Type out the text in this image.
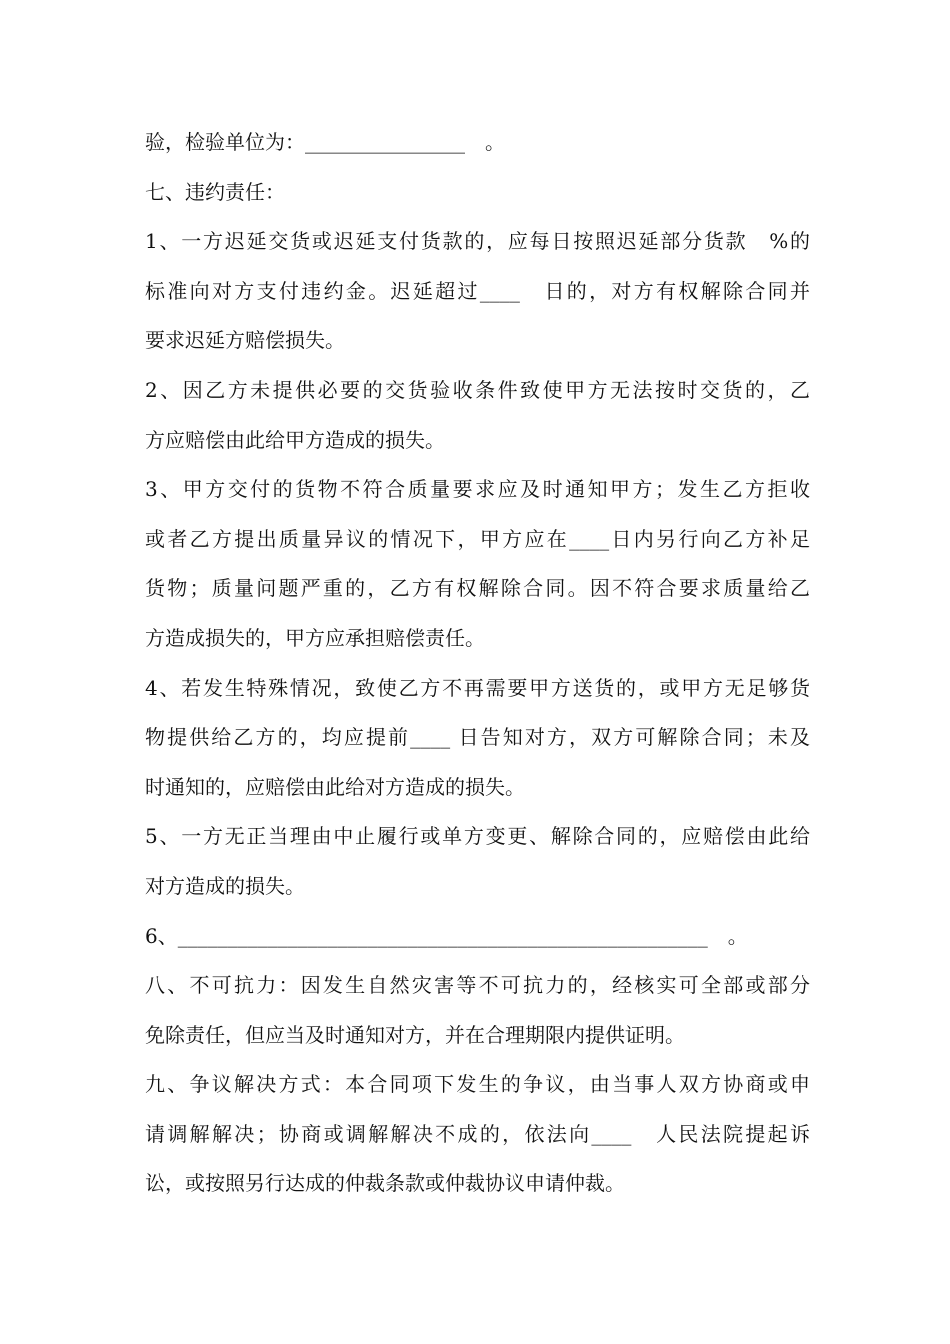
验，检验单位为：________________　。
七、违约责任：
1、一方迟延交货或迟延支付货款的，应每日按照迟延部分货款　%的
标准向对方支付违约金。迟延超过____　日的，对方有权解除合同并
要求迟延方赔偿损失。
2、因乙方未提供必要的交货验收条件致使甲方无法按时交货的，乙
方应赔偿由此给甲方造成的损失。
3、甲方交付的货物不符合质量要求应及时通知甲方；发生乙方拒收
或者乙方提出质量异议的情况下，甲方应在____日内另行向乙方补足
货物；质量问题严重的，乙方有权解除合同。因不符合要求质量给乙
方造成损失的，甲方应承担赔偿责任。
4、若发生特殊情况，致使乙方不再需要甲方送货的，或甲方无足够货
物提供给乙方的，均应提前____ 日告知对方，双方可解除合同；未及
时通知的，应赔偿由此给对方造成的损失。
5、一方无正当理由中止履行或单方变更、解除合同的，应赔偿由此给
对方造成的损失。
6、_____________________________________________________　。
八、不可抗力：因发生自然灾害等不可抗力的，经核实可全部或部分
免除责任，但应当及时通知对方，并在合理期限内提供证明。
九、争议解决方式：本合同项下发生的争议，由当事人双方协商或申
请调解解决；协商或调解解决不成的，依法向____　人民法院提起诉
讼，或按照另行达成的仲裁条款或仲裁协议申请仲裁。
